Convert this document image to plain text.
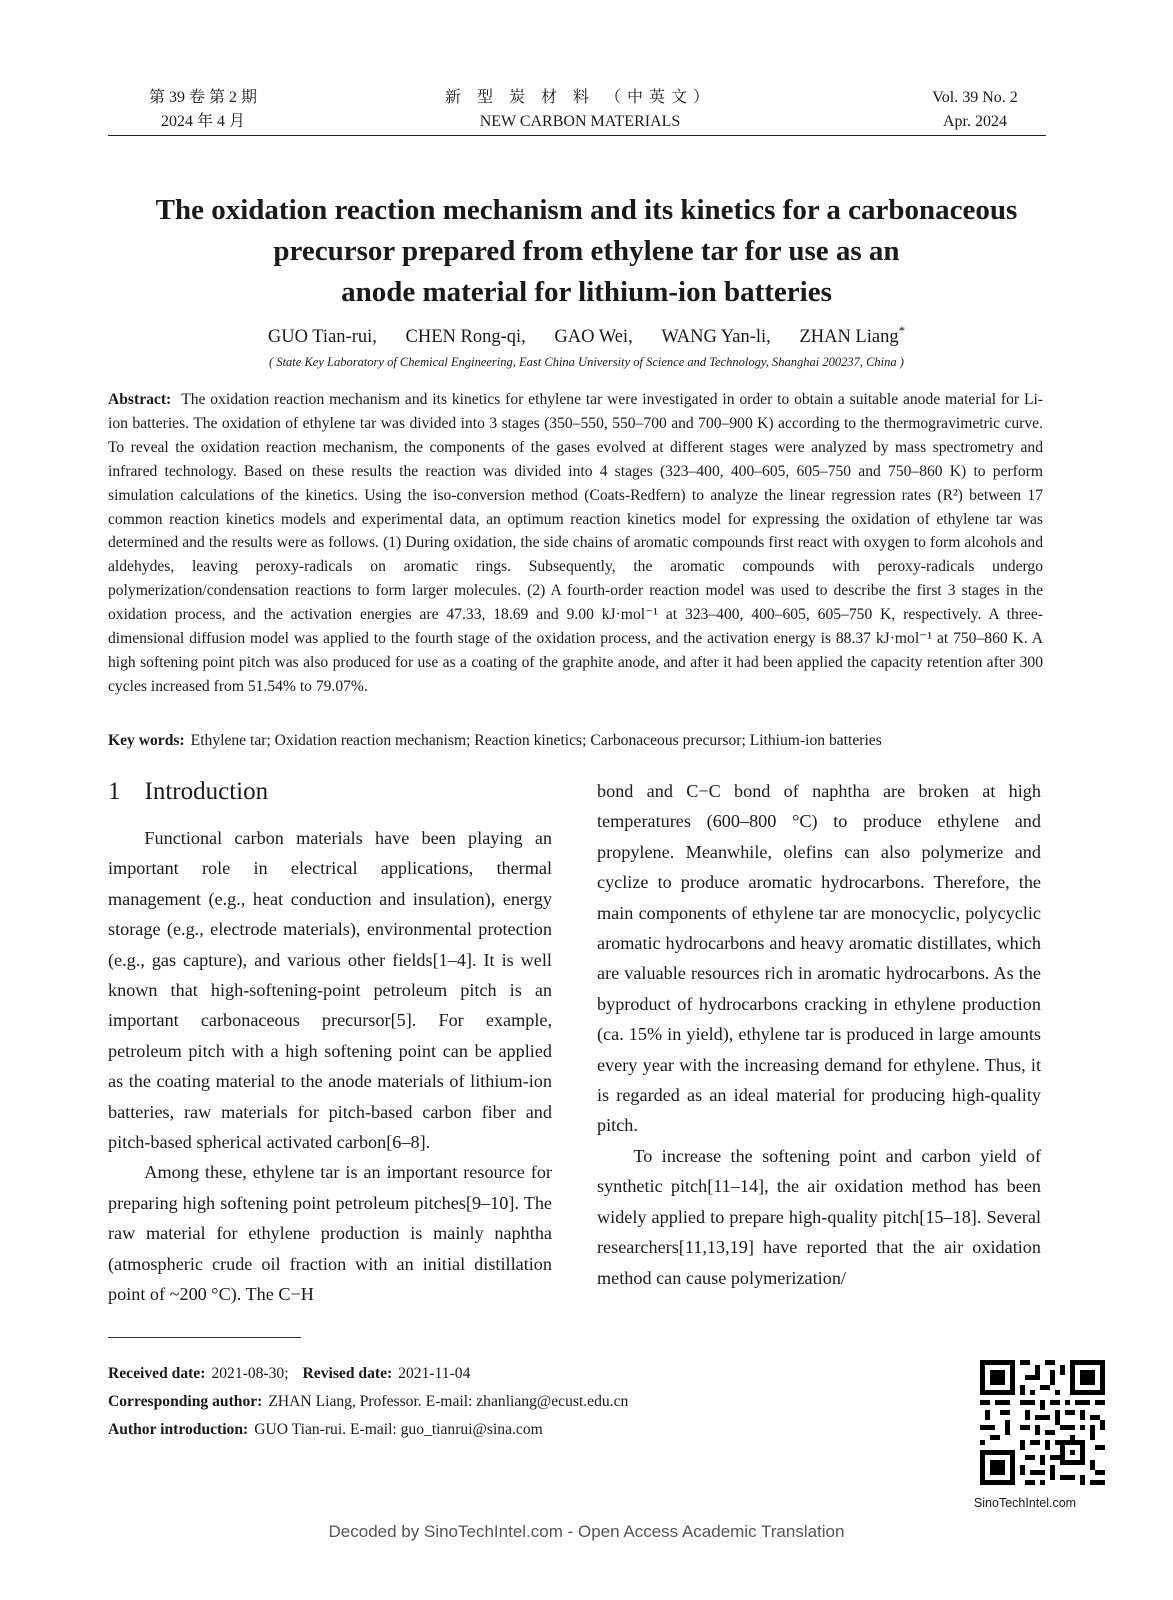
第 39 卷 第 2 期
2024 年 4 月
新 型 炭 材 料 （中英文）
NEW CARBON MATERIALS
Vol. 39 No. 2
Apr. 2024
The oxidation reaction mechanism and its kinetics for a carbonaceous
precursor prepared from ethylene tar for use as an
anode material for lithium-ion batteries
GUO Tian-rui, CHEN Rong-qi, GAO Wei, WANG Yan-li, ZHAN Liang*
( State Key Laboratory of Chemical Engineering, East China University of Science and Technology, Shanghai 200237, China )
Abstract: The oxidation reaction mechanism and its kinetics for ethylene tar were investigated in order to obtain a suitable anode material for Li-ion batteries. The oxidation of ethylene tar was divided into 3 stages (350–550, 550–700 and 700–900 K) according to the thermogravimetric curve. To reveal the oxidation reaction mechanism, the components of the gases evolved at different stages were analyzed by mass spectrometry and infrared technology. Based on these results the reaction was divided into 4 stages (323–400, 400–605, 605–750 and 750–860 K) to perform simulation calculations of the kinetics. Using the iso-conversion method (Coats-Redfern) to analyze the linear regression rates (R²) between 17 common reaction kinetics models and experimental data, an optimum reaction kinetics model for expressing the oxidation of ethylene tar was determined and the results were as follows. (1) During oxidation, the side chains of aromatic compounds first react with oxygen to form alcohols and aldehydes, leaving peroxy-radicals on aromatic rings. Subsequently, the aromatic compounds with peroxy-radicals undergo polymerization/condensation reactions to form larger molecules. (2) A fourth-order reaction model was used to describe the first 3 stages in the oxidation process, and the activation energies are 47.33, 18.69 and 9.00 kJ·mol⁻¹ at 323–400, 400–605, 605–750 K, respectively. A three-dimensional diffusion model was applied to the fourth stage of the oxidation process, and the activation energy is 88.37 kJ·mol⁻¹ at 750–860 K. A high softening point pitch was also produced for use as a coating of the graphite anode, and after it had been applied the capacity retention after 300 cycles increased from 51.54% to 79.07%.
Key words: Ethylene tar; Oxidation reaction mechanism; Reaction kinetics; Carbonaceous precursor; Lithium-ion batteries
1 Introduction

Functional carbon materials have been playing an important role in electrical applications, thermal management (e.g., heat conduction and insulation), energy storage (e.g., electrode materials), environmental protection (e.g., gas capture), and various other fields[1–4]. It is well known that high-softening-point petroleum pitch is an important carbonaceous precursor[5]. For example, petroleum pitch with a high softening point can be applied as the coating material to the anode materials of lithium-ion batteries, raw materials for pitch-based carbon fiber and pitch-based spherical activated carbon[6–8].

Among these, ethylene tar is an important resource for preparing high softening point petroleum pitches[9–10]. The raw material for ethylene production is mainly naphtha (atmospheric crude oil fraction with an initial distillation point of ~200 °C). The C−H

bond and C−C bond of naphtha are broken at high temperatures (600–800 °C) to produce ethylene and propylene. Meanwhile, olefins can also polymerize and cyclize to produce aromatic hydrocarbons. Therefore, the main components of ethylene tar are monocyclic, polycyclic aromatic hydrocarbons and heavy aromatic distillates, which are valuable resources rich in aromatic hydrocarbons. As the byproduct of hydrocarbons cracking in ethylene production (ca. 15% in yield), ethylene tar is produced in large amounts every year with the increasing demand for ethylene. Thus, it is regarded as an ideal material for producing high-quality pitch.

To increase the softening point and carbon yield of synthetic pitch[11–14], the air oxidation method has been widely applied to prepare high-quality pitch[15–18]. Several researchers[11,13,19] have reported that the air oxidation method can cause polymerization/

Received date: 2021-08-30; Revised date: 2021-11-04
Corresponding author: ZHAN Liang, Professor. E-mail: zhanliang@ecust.edu.cn
Author introduction: GUO Tian-rui. E-mail: guo_tianrui@sina.com
SinoTechIntel.com
Decoded by SinoTechIntel.com - Open Access Academic Translation
